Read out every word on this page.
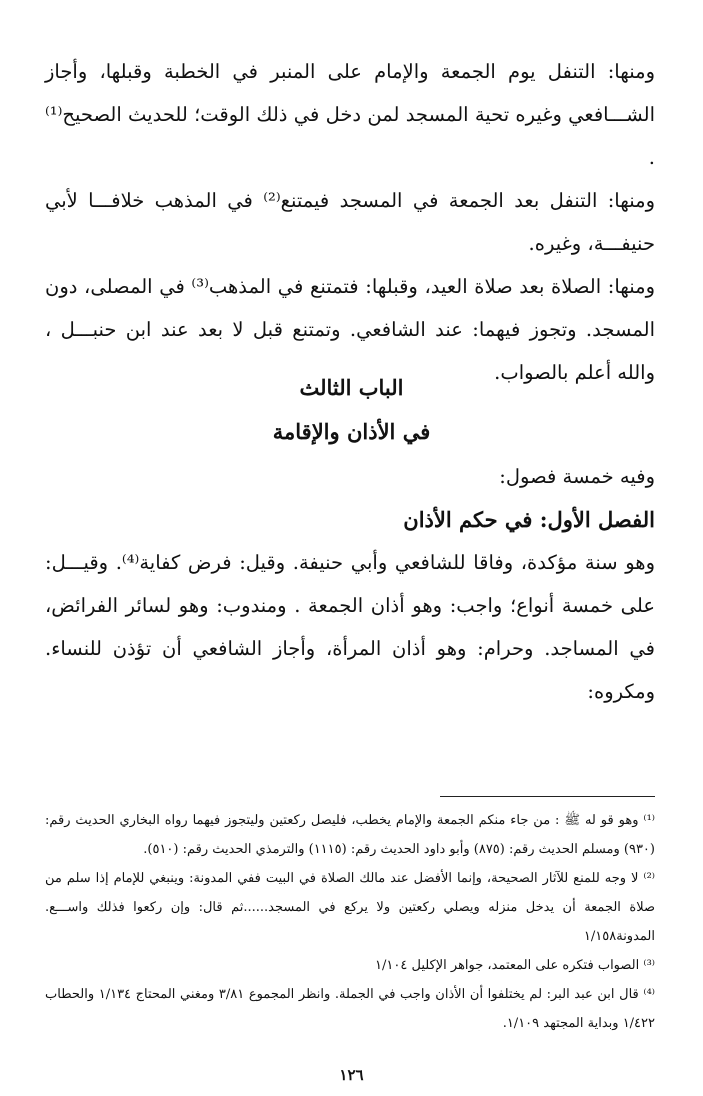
ومنها: التنفل يوم الجمعة والإمام على المنبر في الخطبة وقبلها، وأجاز الشـــافعي وغيره تحية المسجد لمن دخل في ذلك الوقت؛ للحديث الصحيح⁽¹⁾ .

ومنها: التنفل بعد الجمعة في المسجد فيمتنع⁽²⁾ في المذهب خلافـــا لأبي حنيفـــة، وغيره.

ومنها: الصلاة بعد صلاة العيد، وقبلها: فتمتنع في المذهب⁽³⁾ في المصلى، دون المسجد. وتجوز فيهما: عند الشافعي. وتمتنع قبل لا بعد عند ابن حنبـــل ، والله أعلم بالصواب.

الباب الثالث
في الأذان والإقامة

وفيه خمسة فصول:

الفصل الأول: في حكم الأذان

وهو سنة مؤكدة، وفاقا للشافعي وأبي حنيفة. وقيل: فرض كفاية⁽⁴⁾. وقيـــل: على خمسة أنواع؛ واجب: وهو أذان الجمعة . ومندوب: وهو لسائر الفرائض، في المساجد. وحرام: وهو أذان المرأة، وأجاز الشافعي أن تؤذن للنساء. ومكروه:

⁽¹⁾ وهو قو له ﷺ : من جاء منكم الجمعة والإمام يخطب، فليصل ركعتين وليتجوز فيهما رواه البخاري الحديث رقم: (٩٣٠) ومسلم الحديث رقم: (٨٧٥) وأبو داود الحديث رقم: (١١١٥) والترمذي الحديث رقم: (٥١٠).

⁽²⁾ لا وجه للمنع للآثار الصحيحة، وإنما الأفضل عند مالك الصلاة في البيت ففي المدونة: وينبغي للإمام إذا سلم من صلاة الجمعة أن يدخل منزله ويصلي ركعتين ولا يركع في المسجد......ثم قال: وإن ركعوا فذلك واســـع. المدونة١/١٥٨

⁽³⁾ الصواب فتكره على المعتمد، جواهر الإكليل ١/١٠٤

⁽⁴⁾ قال ابن عبد البر: لم يختلفوا أن الأذان واجب في الجملة. وانظر المجموع ٣/٨١ ومغني المحتاج ١/١٣٤ والحطاب ١/٤٢٢ وبداية المجتهد ١/١٠٩.

١٢٦
